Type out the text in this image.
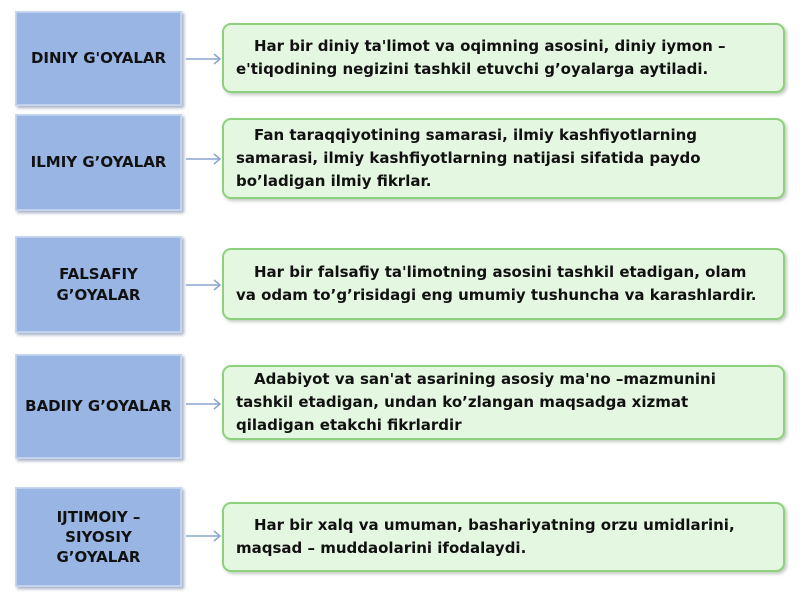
DINIY G'OYALAR
Har bir diniy ta'limot va oqimning asosini, diniy iymon – e'tiqodining negizini tashkil etuvchi g’oyalarga aytiladi.
ILMIY G’OYALAR
Fan taraqqiyotining samarasi, ilmiy kashfiyotlarning samarasi, ilmiy kashfiyotlarning natijasi sifatida paydo bo’ladigan ilmiy fikrlar.
FALSAFIY G’OYALAR
Har bir falsafiy ta'limotning asosini tashkil etadigan, olam va odam to’g’risidagi eng umumiy tushuncha va karashlardir.
BADIIY G’OYALAR
Adabiyot va san'at asarining asosiy ma'no –mazmunini tashkil etadigan, undan ko’zlangan maqsadga xizmat qiladigan etakchi fikrlardir
IJTIMOIY – SIYOSIY G’OYALAR
Har bir xalq va umuman, bashariyatning orzu umidlarini, maqsad – muddaolarini ifodalaydi.
